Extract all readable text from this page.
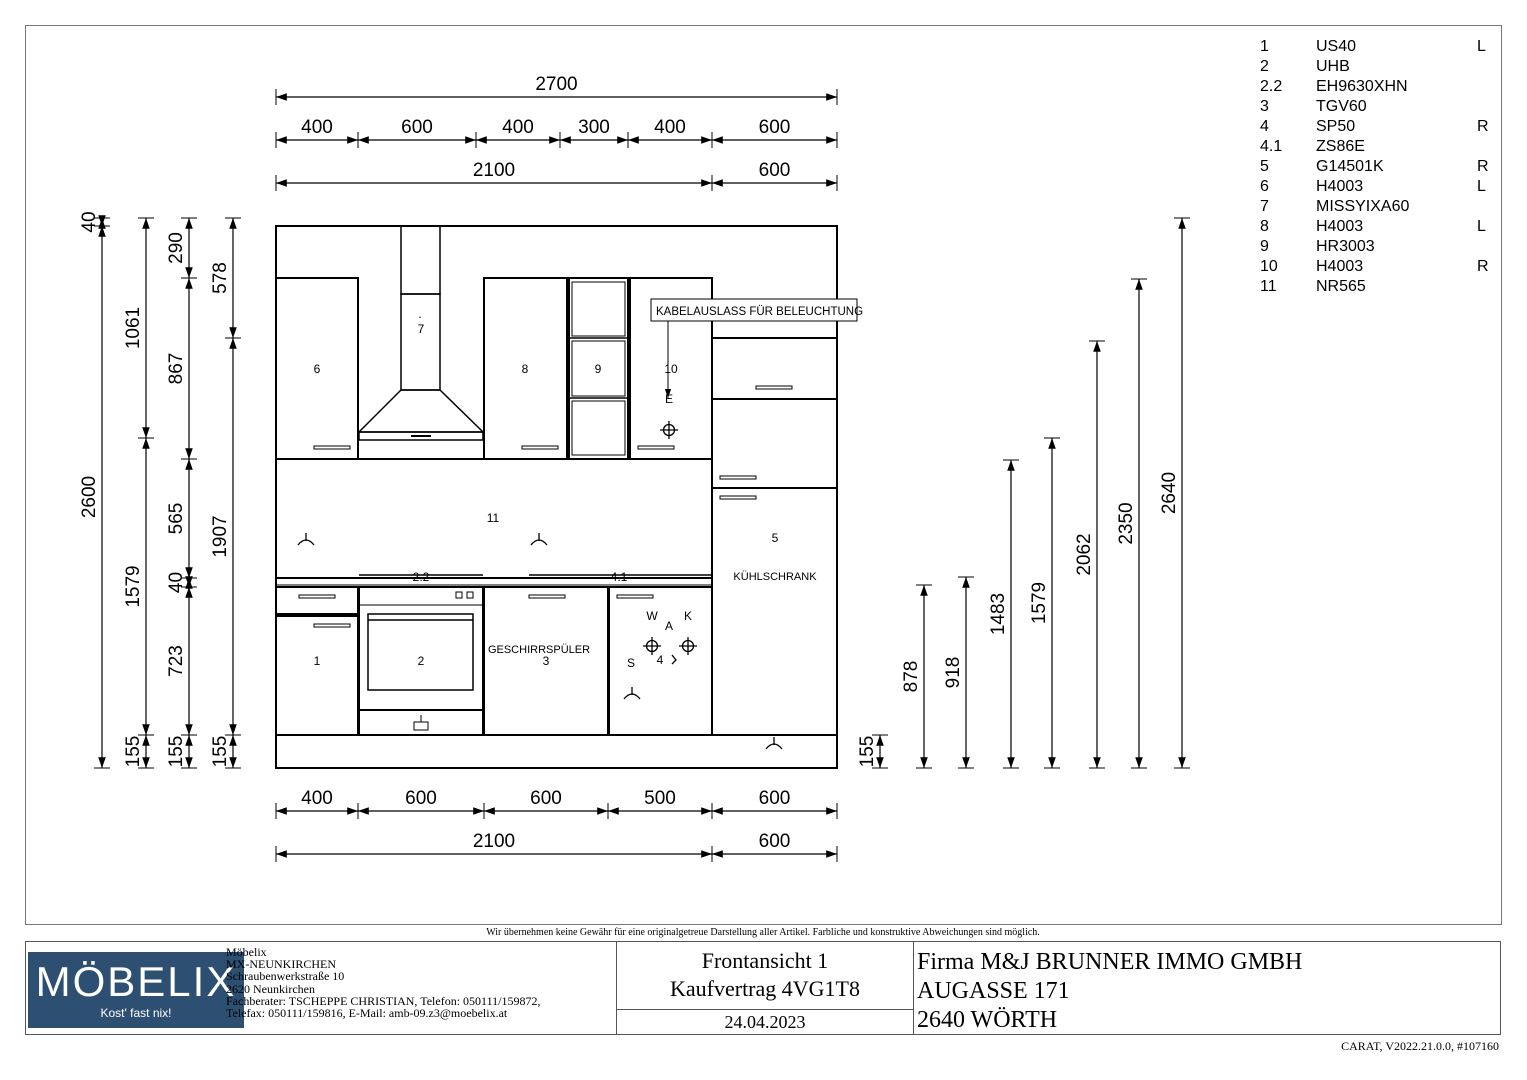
KABELAUSLASS FÜR BELEUCHTUNG
6
7
.
8	9	10
E
11
5
KÜHLSCHRANK
2.2	4.1
1	2	3
GESCHIRRSPÜLER
4
W
A
K
S
2700
400	600	400 300 400	600
2100	600
400	600	600	500	600
2100	600
40
2600
1061
1579
155
290
867
565
40
723
155
578
1907
155	155
878 918
1483 1579
2062
2350
2640
1	US40	L
2	UHB
2.2 EH9630XHN
3	TGV60
4	SP50	R
4.1 ZS86E
5	G14501K	R
6	H4003	L
7	MISSYIXA60
8	H4003	L
9	HR3003
10 H4003	R
11 NR565
Wir übernehmen keine Gewähr für eine originalgetreue Darstellung aller Artikel. Farbliche und konstruktive Abweichungen sind möglich.
MÖBELIX
Kost' fast nix!
Möbelix
MX-NEUNKIRCHEN
Schraubenwerkstraße 10
2620 Neunkirchen
Fachberater: TSCHEPPE CHRISTIAN, Telefon: 050111/159872,
Telefax: 050111/159816, E-Mail: amb-09.z3@moebelix.at
Frontansicht 1
Kaufvertrag 4VG1T8
24.04.2023
Firma M&J BRUNNER IMMO GMBH
AUGASSE 171
2640 WÖRTH
CARAT, V2022.21.0.0, #107160
